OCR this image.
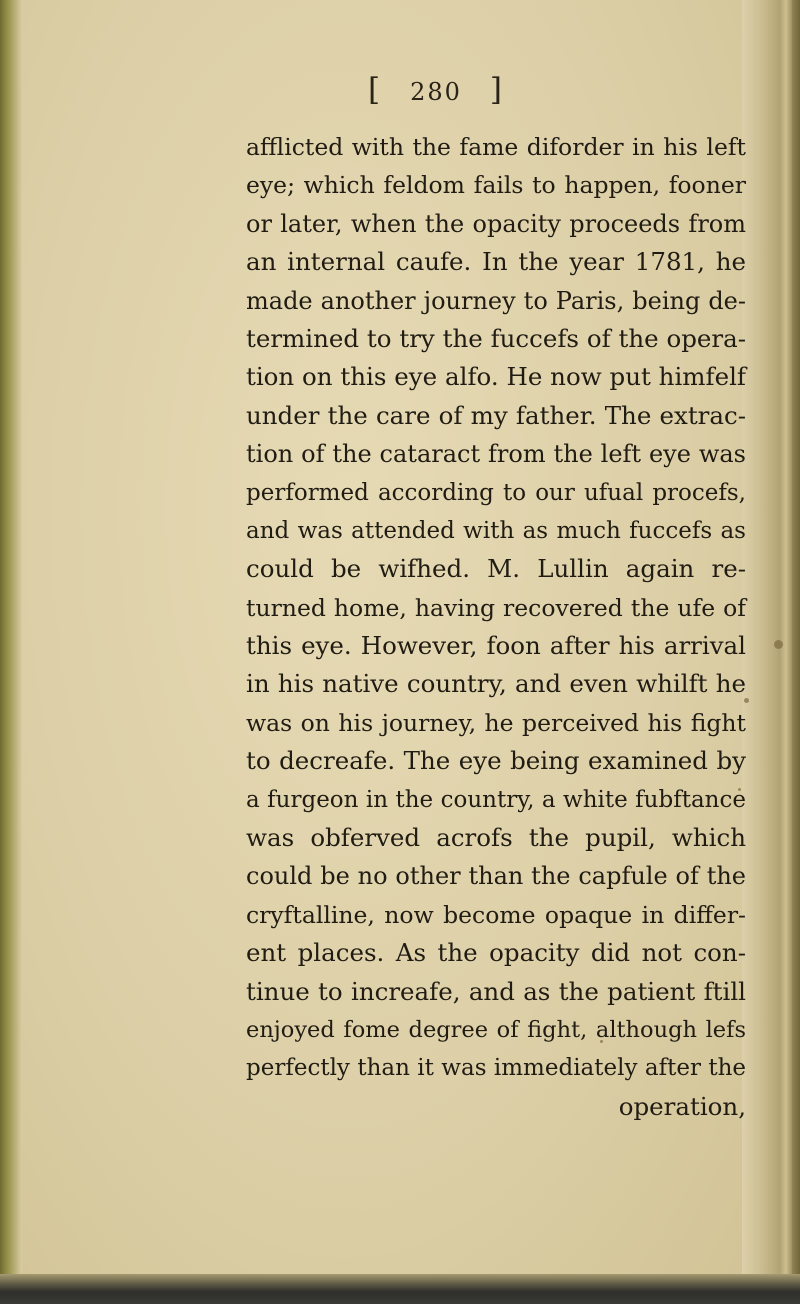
[ 280 ]
afflicted with the fame diforder in his left
eye; which feldom fails to happen, fooner
or later, when the opacity proceeds from
an internal caufe. In the year 1781, he
made another journey to Paris, being de-
termined to try the fuccefs of the opera-
tion on this eye alfo. He now put himfelf
under the care of my father. The extrac-
tion of the cataract from the left eye was
performed according to our ufual procefs,
and was attended with as much fuccefs as
could be wifhed. M. Lullin again re-
turned home, having recovered the ufe of
this eye. However, foon after his arrival
in his native country, and even whilft he
was on his journey, he perceived his fight
to decreafe. The eye being examined by
a furgeon in the country, a white fubftance
was obferved acrofs the pupil, which
could be no other than the capfule of the
cryftalline, now become opaque in differ-
ent places. As the opacity did not con-
tinue to increafe, and as the patient ftill
enjoyed fome degree of fight, although lefs
perfectly than it was immediately after the
operation,
